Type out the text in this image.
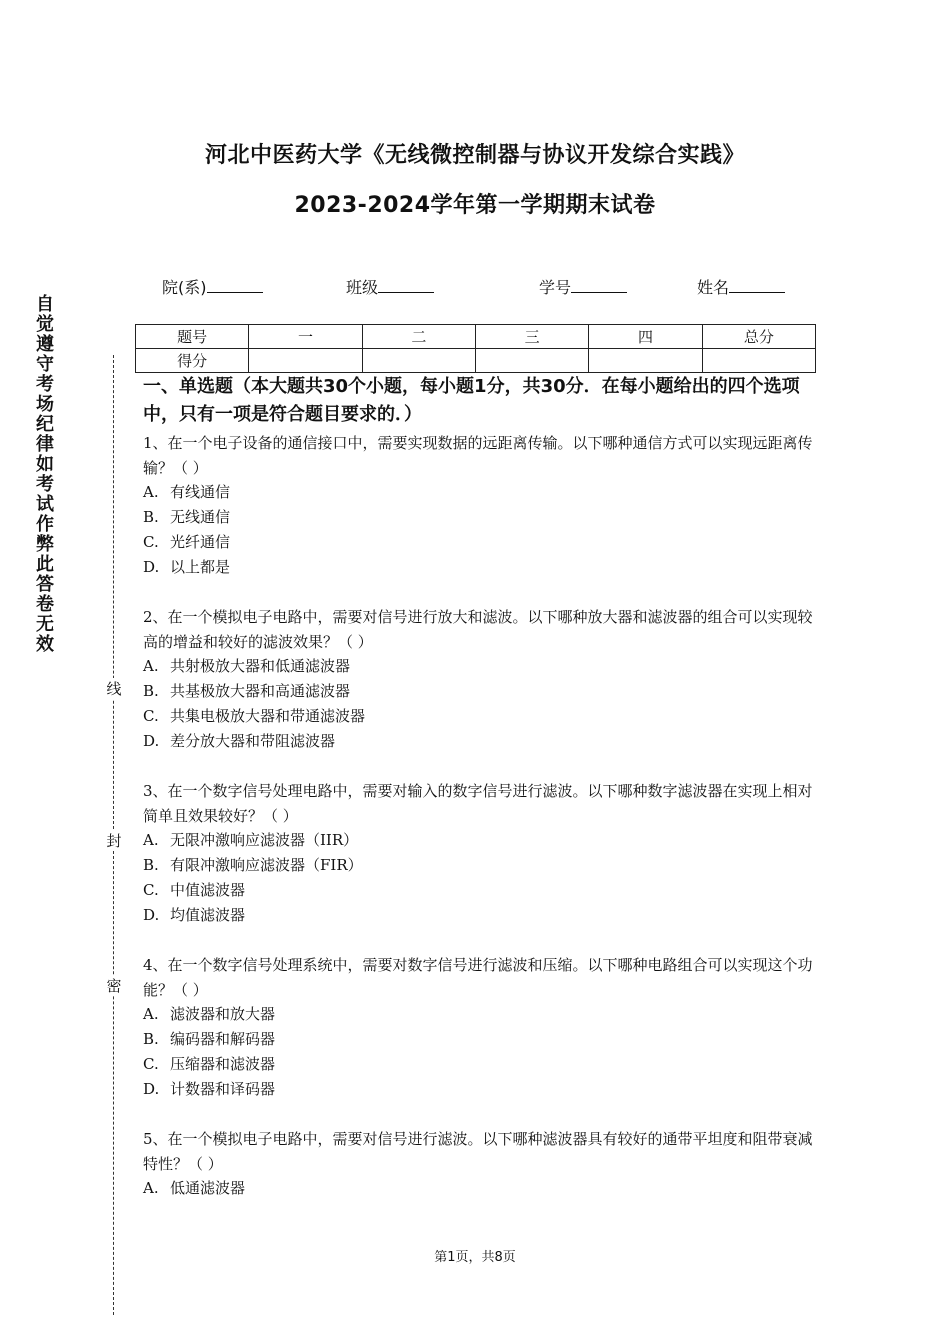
河北中医药大学《无线微控制器与协议开发综合实践》
2023-2024学年第一学期期末试卷
院(系)	班级	学号	姓名
题号	一	二	三	四	总分
得分					
自
觉
遵
守
考
场
纪
律
如
考
试
作
弊
此
答
卷
无
效
线
封
密

一、单选题（本大题共30个小题，每小题1分，共30分．在每小题给出的四个选项中，只有一项是符合题目要求的．）

1、在一个电子设备的通信接口中，需要实现数据的远距离传输。以下哪种通信方式可以实现远距离传输？（ ）

A. 有线通信

B. 无线通信

C. 光纤通信

D. 以上都是

2、在一个模拟电子电路中，需要对信号进行放大和滤波。以下哪种放大器和滤波器的组合可以实现较高的增益和较好的滤波效果？（ ）

A. 共射极放大器和低通滤波器

B. 共基极放大器和高通滤波器

C. 共集电极放大器和带通滤波器

D. 差分放大器和带阻滤波器

3、在一个数字信号处理电路中，需要对输入的数字信号进行滤波。以下哪种数字滤波器在实现上相对简单且效果较好？（ ）

A. 无限冲激响应滤波器（IIR）

B. 有限冲激响应滤波器（FIR）

C. 中值滤波器

D. 均值滤波器

4、在一个数字信号处理系统中，需要对数字信号进行滤波和压缩。以下哪种电路组合可以实现这个功能？（ ）

A. 滤波器和放大器

B. 编码器和解码器

C. 压缩器和滤波器

D. 计数器和译码器

5、在一个模拟电子电路中，需要对信号进行滤波。以下哪种滤波器具有较好的通带平坦度和阻带衰减特性？（ ）

A. 低通滤波器

第1页，共8页
